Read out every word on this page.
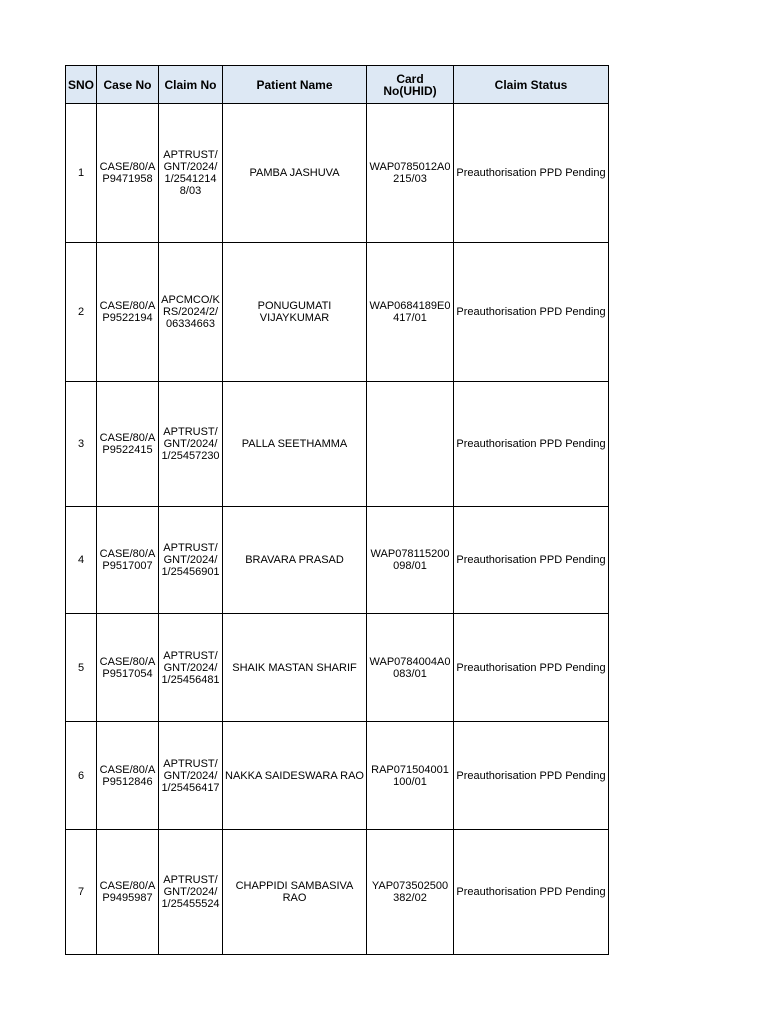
SNO	Case No	Claim No	Patient Name	Card No(UHID)	Claim Status
1	CASE/80/AP9471958	APTRUST/GNT/2024/1/25412148/03	PAMBA JASHUVA	WAP0785012A0215/03	Preauthorisation PPD Pending
2	CASE/80/AP9522194	APCMCO/KRS/2024/2/06334663	PONUGUMATI VIJAYKUMAR	WAP0684189E0417/01	Preauthorisation PPD Pending
3	CASE/80/AP9522415	APTRUST/GNT/2024/1/25457230	PALLA SEETHAMMA		Preauthorisation PPD Pending
4	CASE/80/AP9517007	APTRUST/GNT/2024/1/25456901	BRAVARA PRASAD	WAP078115200098/01	Preauthorisation PPD Pending
5	CASE/80/AP9517054	APTRUST/GNT/2024/1/25456481	SHAIK MASTAN SHARIF	WAP0784004A0083/01	Preauthorisation PPD Pending
6	CASE/80/AP9512846	APTRUST/GNT/2024/1/25456417	NAKKA SAIDESWARA RAO	RAP071504001100/01	Preauthorisation PPD Pending
7	CASE/80/AP9495987	APTRUST/GNT/2024/1/25455524	CHAPPIDI SAMBASIVA RAO	YAP073502500382/02	Preauthorisation PPD Pending
